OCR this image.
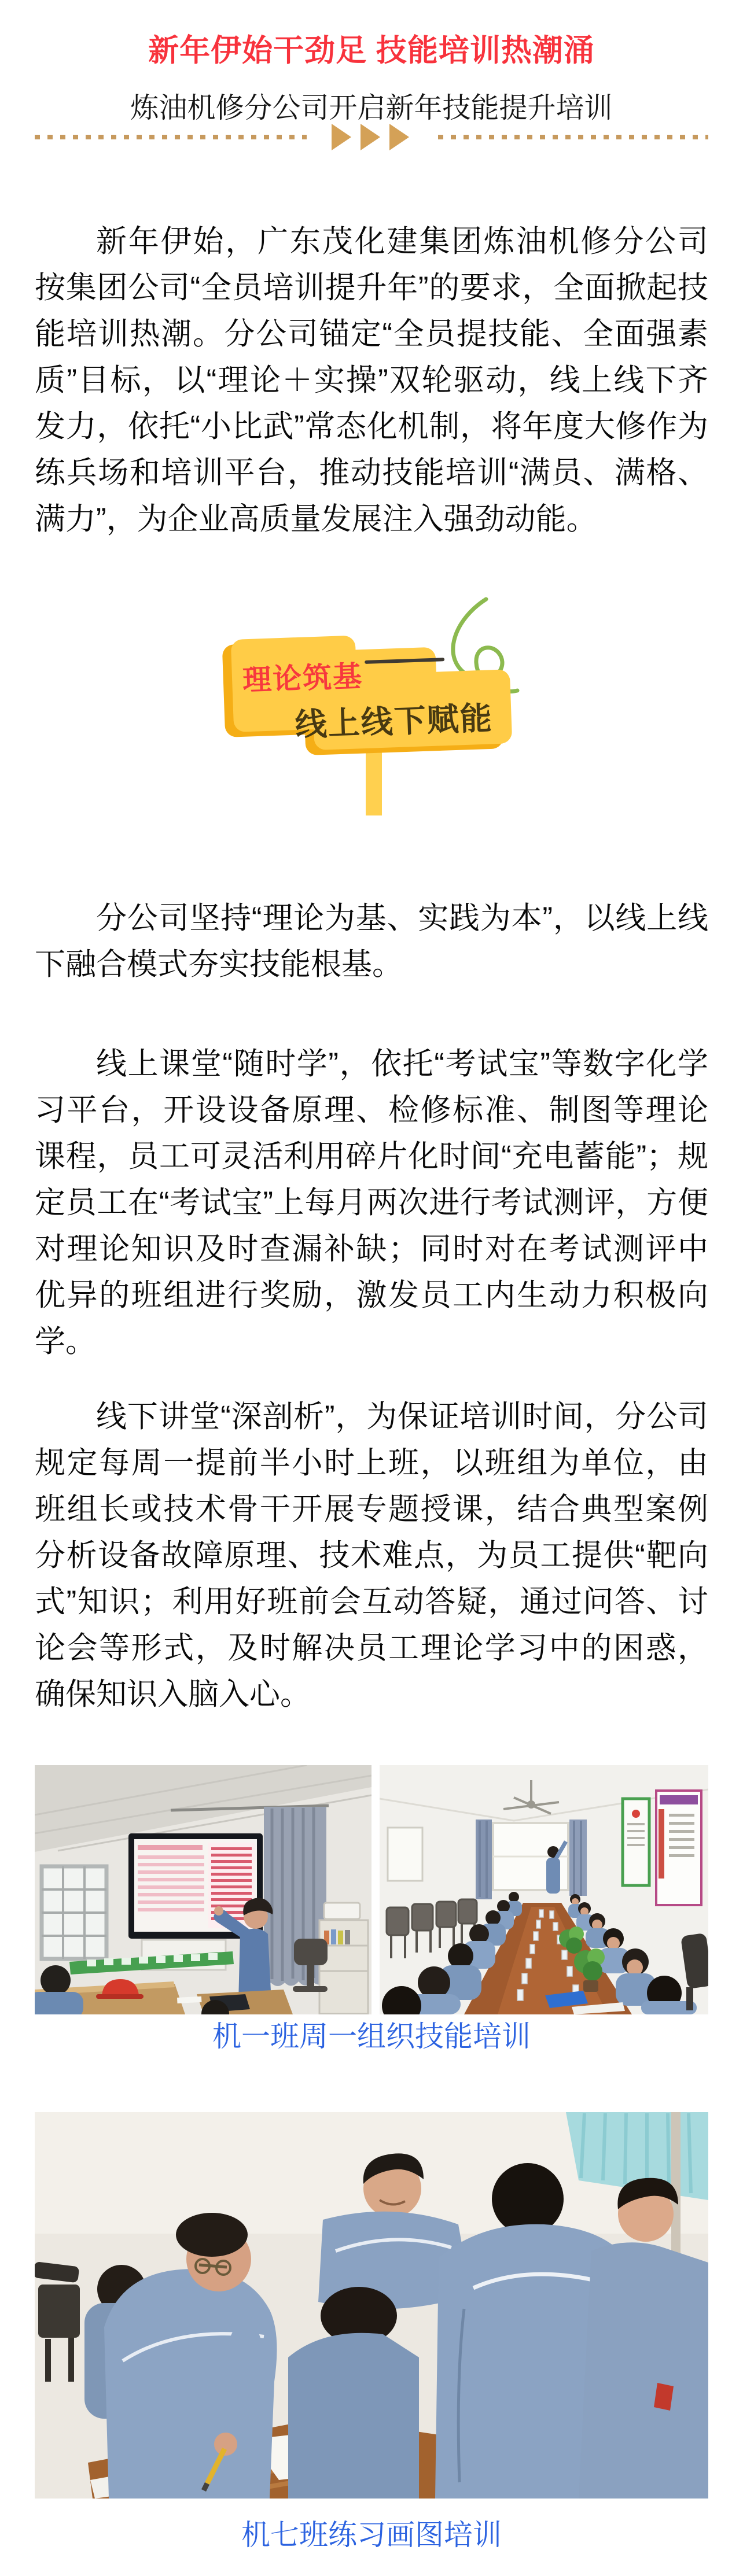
新年伊始干劲足 技能培训热潮涌
炼油机修分公司开启新年技能提升培训

新年伊始，广东茂化建集团炼油机修分公司按集团公司“全员培训提升年”的要求，全面掀起技能培训热潮。分公司锚定“全员提技能、全面强素质”目标，以“理论＋实操”双轮驱动，线上线下齐发力，依托“小比武”常态化机制，将年度大修作为练兵场和培训平台，推动技能培训“满员、满格、满力”，为企业高质量发展注入强劲动能。

理论筑基
线上线下赋能

分公司坚持“理论为基、实践为本”，以线上线下融合模式夯实技能根基。

线上课堂“随时学”，依托“考试宝”等数字化学习平台，开设设备原理、检修标准、制图等理论课程，员工可灵活利用碎片化时间“充电蓄能”；规定员工在“考试宝”上每月两次进行考试测评，方便对理论知识及时查漏补缺；同时对在考试测评中优异的班组进行奖励，激发员工内生动力积极向学。

线下讲堂“深剖析”，为保证培训时间，分公司规定每周一提前半小时上班，以班组为单位，由班组长或技术骨干开展专题授课，结合典型案例分析设备故障原理、技术难点，为员工提供“靶向式”知识；利用好班前会互动答疑，通过问答、讨论会等形式，及时解决员工理论学习中的困惑，确保知识入脑入心。

机一班周一组织技能培训
机七班练习画图培训
